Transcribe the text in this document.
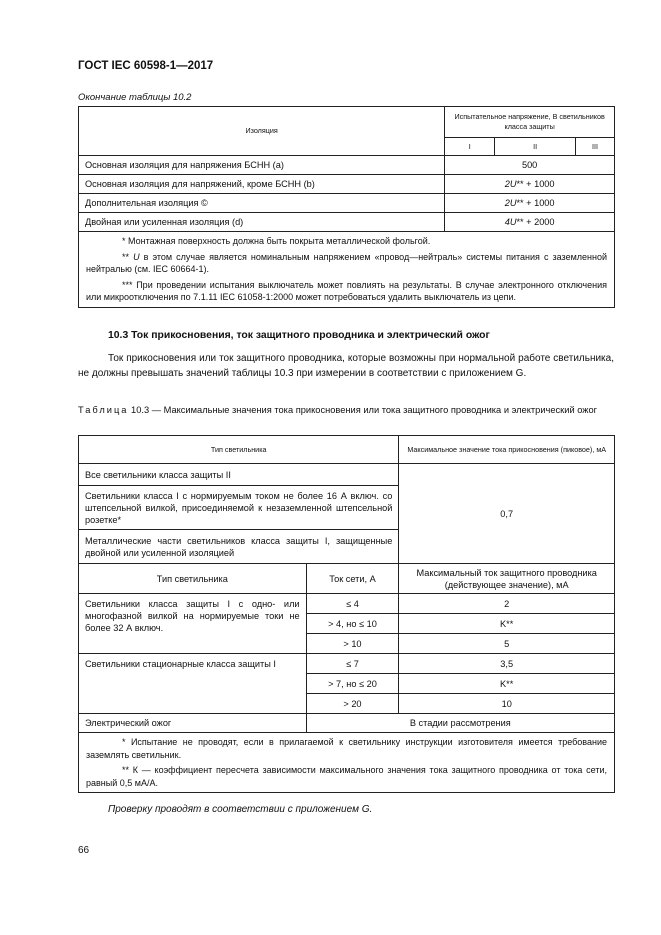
ГОСТ IEC 60598-1—2017
Окончание таблицы 10.2
Изоляция	Испытательное напряжение, В светильников класса защиты		
	I	II	III
Основная изоляция для напряжения БСНН (а)	500		
Основная изоляция для напряжений, кроме БСНН (b)	2U** + 1000		
Дополнительная изоляция ©	2U** + 1000		
Двойная или усиленная изоляция (d)	4U** + 2000		

* Монтажная поверхность должна быть покрыта металлической фольгой.

** U в этом случае является номинальным напряжением «провод—нейтраль» системы питания с заземленной нейтралью (см. IEC 60664-1).

*** При проведении испытания выключатель может повлиять на результаты. В случае электронного отключения или микроотключения по 7.1.11 IEC 61058-1:2000 может потребоваться удалить выключатель из цепи.			

10.3 Ток прикосновения, ток защитного проводника и электрический ожог
Ток прикосновения или ток защитного проводника, которые возможны при нормальной работе светильника, не должны превышать значений таблицы 10.3 при измерении в соответствии с приложением G.
Таблица 10.3 — Максимальные значения тока прикосновения или тока защитного проводника и электрический ожог
Тип светильника		Максимальное значение тока прикосновения (пиковое), мА
Все светильники класса защиты II		0,7
Светильники класса I с нормируемым током не более 16 А включ. со штепсельной вилкой, присоединяемой к незаземленной штепсельной розетке*		
Металлические части светильников класса защиты I, защищенные двойной или усиленной изоляцией		
Тип светильника	Ток сети, А	Максимальный ток защитного проводника (действующее значение), мА
Светильники класса защиты I с одно- или многофазной вилкой на нормируемые токи не более 32 А включ.	≤ 4	2
	> 4, но ≤ 10	K**
	> 10	5
Светильники стационарные класса защиты I	≤ 7	3,5
	> 7, но ≤ 20	K**
	> 20	10
Электрический ожог	В стадии рассмотрения	

* Испытание не проводят, если в прилагаемой к светильнику инструкции изготовителя имеется требование заземлять светильник.

** К — коэффициент пересчета зависимости максимального значения тока защитного проводника от тока сети, равный 0,5 мА/А.		

Проверку проводят в соответствии с приложением G.
66
